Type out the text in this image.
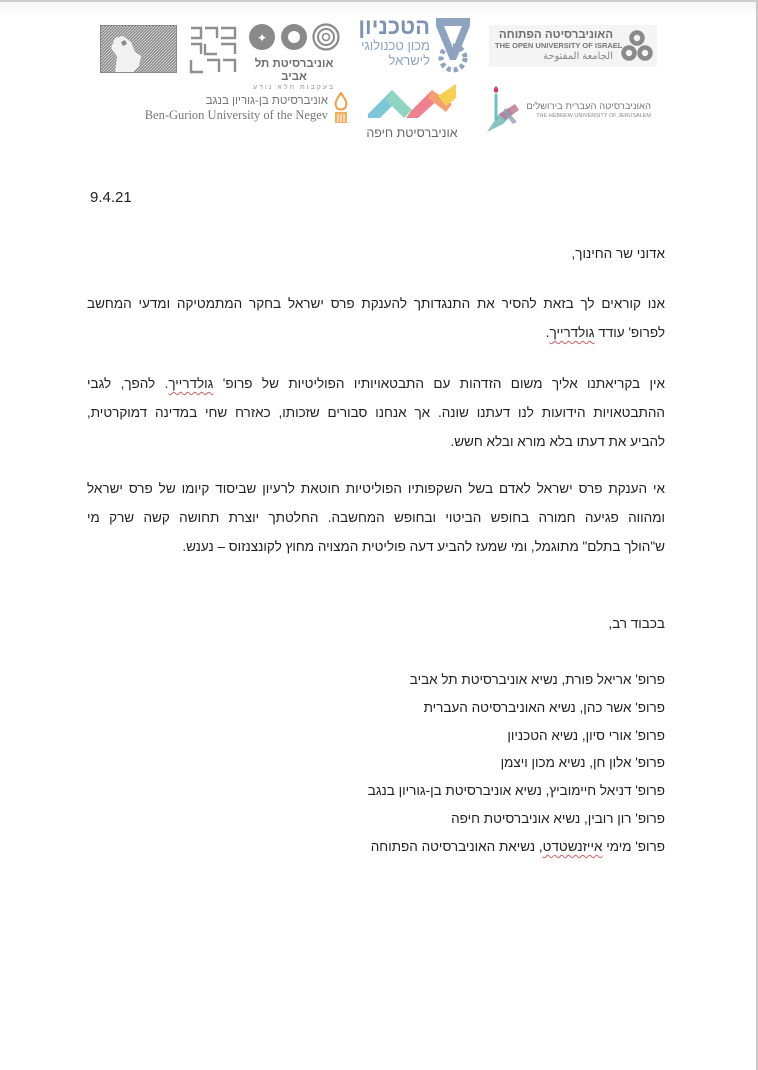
✦
אוניברסיטת תל אביב
בעקבות הלא נודע
הטכניון
מכון טכנולוגי
לישראל
האוניברסיטה הפתוחה
THE OPEN UNIVERSITY OF ISRAEL
الجامعة المفتوحة
אוניברסיטת בן-גוריון בנגב
Ben-Gurion University of the Negev
אוניברסיטת חיפה
האוניברסיטה העברית בירושלים
THE HEBREW UNIVERSITY OF JERUSALEM
9.4.21
אדוני שר החינוך,
אנו קוראים לך בזאת להסיר את התנגדותך להענקת פרס ישראל בחקר המתמטיקה ומדעי המחשב
לפרופ' עודד גולדרייך.
אין בקריאתנו אליך משום הזדהות עם התבטאויותיו הפוליטיות של פרופ' גולדרייך. להפך, לגבי
ההתבטאויות הידועות לנו דעתנו שונה. אך אנחנו סבורים שזכותו, כאזרח שחי במדינה דמוקרטית,
להביע את דעתו בלא מורא ובלא חשש.
אי הענקת פרס ישראל לאדם בשל השקפותיו הפוליטיות חוטאת לרעיון שביסוד קיומו של פרס ישראל
ומהווה פגיעה חמורה בחופש הביטוי ובחופש המחשבה. החלטתך יוצרת תחושה קשה שרק מי
ש"הולך בתלם" מתוגמל, ומי שמעז להביע דעה פוליטית המצויה מחוץ לקונצנזוס – נענש.
בכבוד רב,
פרופ' אריאל פורת, נשיא אוניברסיטת תל אביב
פרופ' אשר כהן, נשיא האוניברסיטה העברית
פרופ' אורי סיון, נשיא הטכניון
פרופ' אלון חן, נשיא מכון ויצמן
פרופ' דניאל חיימוביץ, נשיא אוניברסיטת בן-גוריון בנגב
פרופ' רון רובין, נשיא אוניברסיטת חיפה
פרופ' מימי אייזנשטדט, נשיאת האוניברסיטה הפתוחה
